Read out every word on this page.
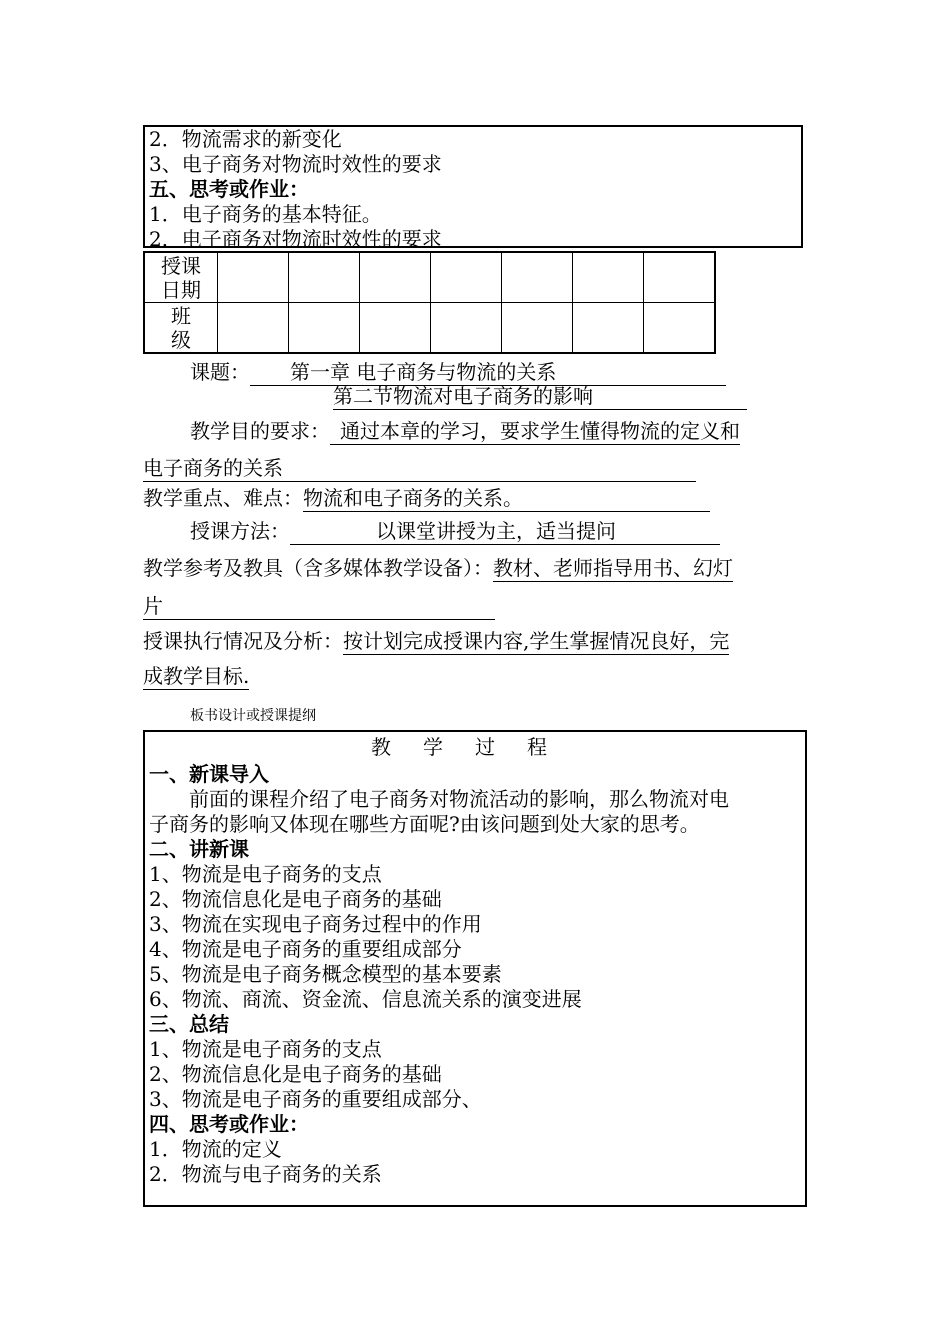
2．物流需求的新变化
3、电子商务对物流时效性的要求
五、思考或作业：
1．电子商务的基本特征。
2．电子商务对物流时效性的要求
授课
日期							

班
级							

课题： 第一章 电子商务与物流的关系
第二节物流对电子商务的影响
教学目的要求： 通过本章的学习，要求学生懂得物流的定义和
电子商务的关系
教学重点、难点：物流和电子商务的关系。
授课方法：	以课堂讲授为主，适当提问
教学参考及教具（含多媒体教学设备）：教材、老师指导用书、幻灯
片
授课执行情况及分析：按计划完成授课内容,学生掌握情况良好，完
成教学目标.
板书设计或授课提纲
教学过程
一、新课导入
　　前面的课程介绍了电子商务对物流活动的影响，那么物流对电
子商务的影响又体现在哪些方面呢?由该问题到处大家的思考。
二、讲新课
1、物流是电子商务的支点
2、物流信息化是电子商务的基础
3、物流在实现电子商务过程中的作用
4、物流是电子商务的重要组成部分
5、物流是电子商务概念模型的基本要素
6、物流、商流、资金流、信息流关系的演变进展
三、总结
1、物流是电子商务的支点
2、物流信息化是电子商务的基础
3、物流是电子商务的重要组成部分、
四、思考或作业：
1．物流的定义
2．物流与电子商务的关系
